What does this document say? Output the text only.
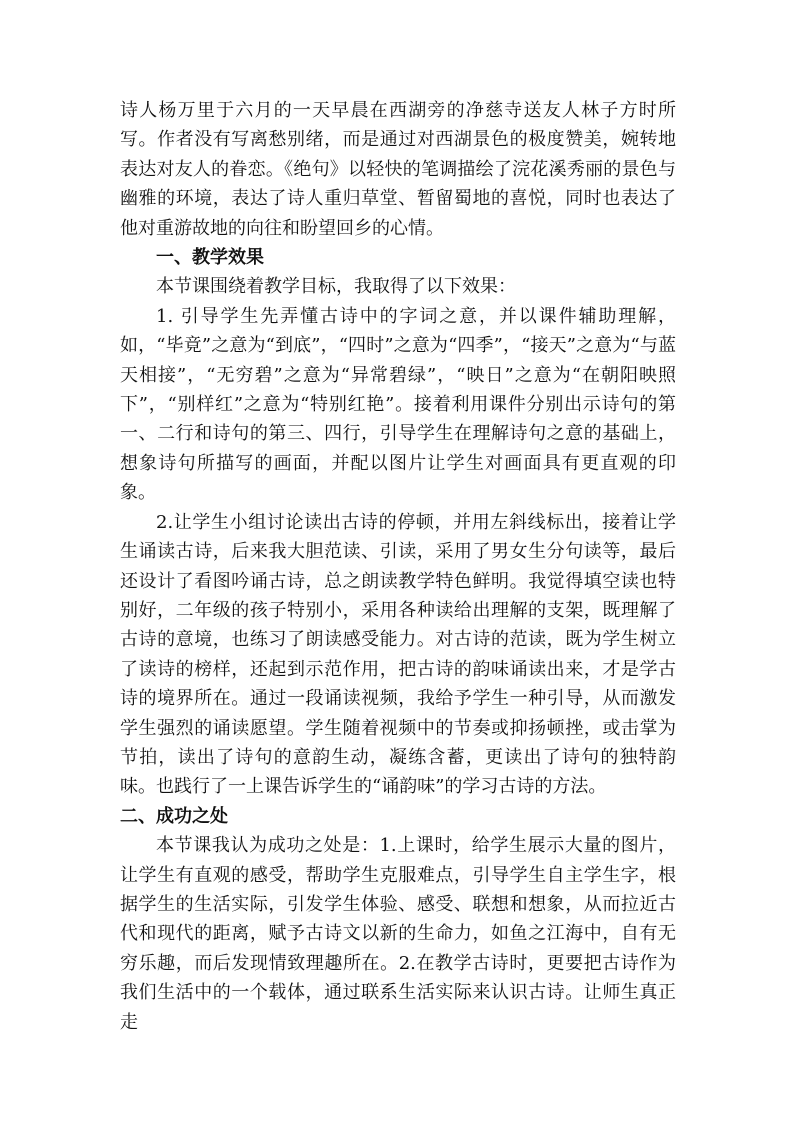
诗人杨万里于六月的一天早晨在西湖旁的净慈寺送友人林子方时所写。作者没有写离愁别绪，而是通过对西湖景色的极度赞美，婉转地表达对友人的眷恋。《绝句》以轻快的笔调描绘了浣花溪秀丽的景色与幽雅的环境，表达了诗人重归草堂、暂留蜀地的喜悦，同时也表达了他对重游故地的向往和盼望回乡的心情。

一、教学效果

本节课围绕着教学目标，我取得了以下效果：

1. 引导学生先弄懂古诗中的字词之意，并以课件辅助理解，如，“毕竟”之意为“到底”，“四时”之意为“四季”，“接天”之意为“与蓝天相接”，“无穷碧”之意为“异常碧绿”，“映日”之意为“在朝阳映照下”，“别样红”之意为“特别红艳”。接着利用课件分别出示诗句的第一、二行和诗句的第三、四行，引导学生在理解诗句之意的基础上，想象诗句所描写的画面，并配以图片让学生对画面具有更直观的印象。

2.让学生小组讨论读出古诗的停顿，并用左斜线标出，接着让学生诵读古诗，后来我大胆范读、引读，采用了男女生分句读等，最后还设计了看图吟诵古诗，总之朗读教学特色鲜明。我觉得填空读也特别好，二年级的孩子特别小，采用各种读给出理解的支架，既理解了古诗的意境，也练习了朗读感受能力。对古诗的范读，既为学生树立了读诗的榜样，还起到示范作用，把古诗的韵味诵读出来，才是学古诗的境界所在。通过一段诵读视频，我给予学生一种引导，从而激发学生强烈的诵读愿望。学生随着视频中的节奏或抑扬顿挫，或击掌为节拍，读出了诗句的意韵生动，凝练含蓄，更读出了诗句的独特韵味。也践行了一上课告诉学生的“诵韵味”的学习古诗的方法。

二、成功之处

本节课我认为成功之处是：1.上课时，给学生展示大量的图片，让学生有直观的感受，帮助学生克服难点，引导学生自主学生字，根据学生的生活实际，引发学生体验、感受、联想和想象，从而拉近古代和现代的距离，赋予古诗文以新的生命力，如鱼之江海中，自有无穷乐趣，而后发现情致理趣所在。2.在教学古诗时，更要把古诗作为我们生活中的一个载体，通过联系生活实际来认识古诗。让师生真正走
